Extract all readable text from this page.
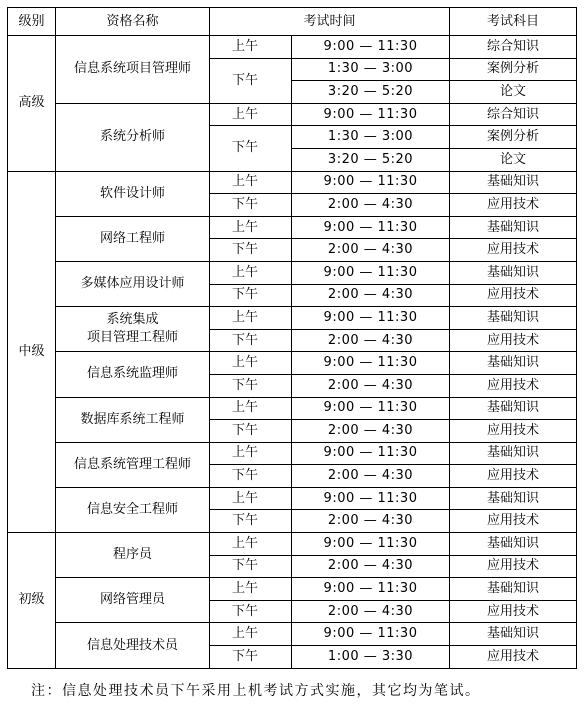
级别	资格名称	考试时间		考试科目
高级	信息系统项目管理师	上午	9:00 — 11:30	综合知识
		下午	1:30 — 3:00	案例分析
			3:20 — 5:20	论文
	系统分析师	上午	9:00 — 11:30	综合知识
		下午	1:30 — 3:00	案例分析
			3:20 — 5:20	论文
中级	软件设计师	上午	9:00 — 11:30	基础知识
		下午	2:00 — 4:30	应用技术
	网络工程师	上午	9:00 — 11:30	基础知识
		下午	2:00 — 4:30	应用技术
	多媒体应用设计师	上午	9:00 — 11:30	基础知识
		下午	2:00 — 4:30	应用技术
	系统集成
项目管理工程师	上午	9:00 — 11:30	基础知识
		下午	2:00 — 4:30	应用技术
	信息系统监理师	上午	9:00 — 11:30	基础知识
		下午	2:00 — 4:30	应用技术
	数据库系统工程师	上午	9:00 — 11:30	基础知识
		下午	2:00 — 4:30	应用技术
	信息系统管理工程师	上午	9:00 — 11:30	基础知识
		下午	2:00 — 4:30	应用技术
	信息安全工程师	上午	9:00 — 11:30	基础知识
		下午	2:00 — 4:30	应用技术
初级	程序员	上午	9:00 — 11:30	基础知识
		下午	2:00 — 4:30	应用技术
	网络管理员	上午	9:00 — 11:30	基础知识
		下午	2:00 — 4:30	应用技术
	信息处理技术员	上午	9:00 — 11:30	基础知识
		下午	1:00 — 3:30	应用技术
注：信息处理技术员下午采用上机考试方式实施，其它均为笔试。
